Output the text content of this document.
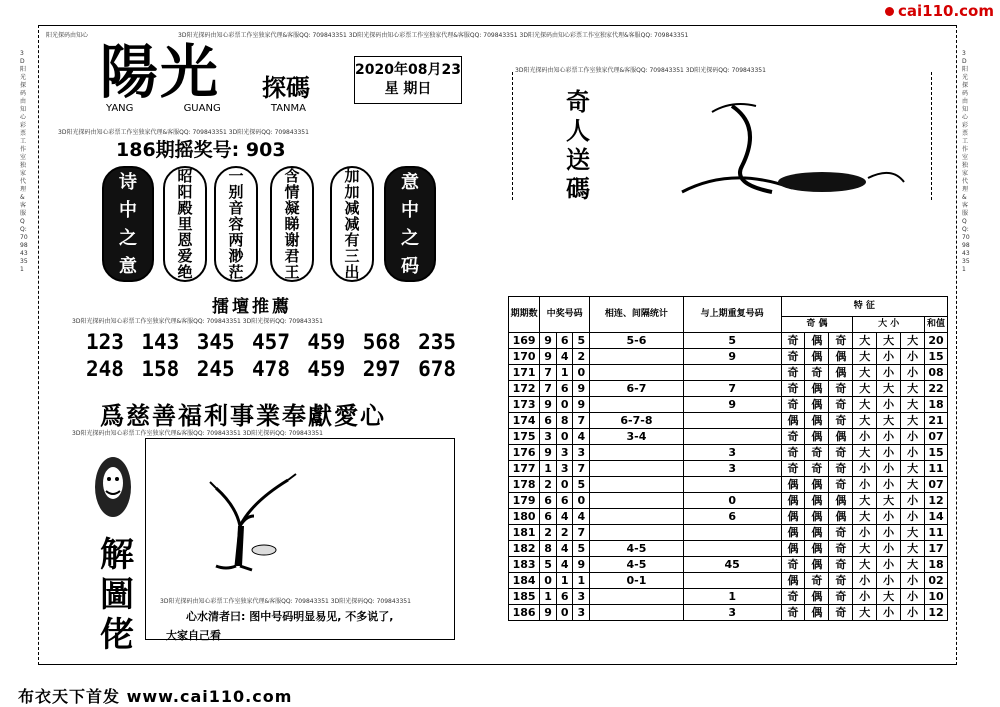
cai110.com
阳光探码由知心	3D阳光探码由知心彩票工作室独家代理&客服QQ: 709843351 3D阳光探码由知心彩票工作室独家代理&客服QQ: 709843351 3D阳光探码由知心彩票工作室独家代理&客服QQ: 709843351
3D阳光探码由知心彩票工作室独家代理&客服QQ: 709843351
3D阳光探码由知心彩票工作室独家代理&客服QQ: 709843351
陽光 探碼
YANG	GUANG	TANMA
2020年08月23
星 期日
3D阳光探码由知心彩票工作室独家代理&客服QQ: 709843351 3D阳光探码QQ: 709843351
186期摇奖号: 903
诗
中
之
意
昭
阳
殿
里
恩
爱
绝
一
别
音
容
两
渺
茫
含
情
凝
睇
谢
君
王
加
加
减
减
有
三
出
意
中
之
码
擂壇推薦
3D阳光探码由知心彩票工作室独家代理&客服QQ: 709843351 3D阳光探码QQ: 709843351
123 143 345 457 459 568 235
248 158 245 478 459 297 678
爲慈善福利事業奉獻愛心
3D阳光探码由知心彩票工作室独家代理&客服QQ: 709843351 3D阳光探码QQ: 709843351
解
圖
佬
3D阳光探码由知心彩票工作室独家代理&客服QQ: 709843351 3D阳光探码QQ: 709843351
心水清者曰: 图中号码明显易见, 不多说了,
大家自己看
3D阳光探码由知心彩票工作室独家代理&客服QQ: 709843351 3D阳光探码QQ: 709843351
奇
人
送
碼
期期数	中奖号码			相连、间隔统计	与上期重复号码	特 征						
						奇 偶			大 小			和值
169	9	6	5	5-6	5	奇	偶	奇	大	大	大	20
170	9	4	2		9	奇	偶	偶	大	小	小	15
171	7	1	0			奇	奇	偶	大	小	小	08
172	7	6	9	6-7	7	奇	偶	奇	大	大	大	22
173	9	0	9		9	奇	偶	奇	大	小	大	18
174	6	8	7	6-7-8		偶	偶	奇	大	大	大	21
175	3	0	4	3-4		奇	偶	偶	小	小	小	07
176	9	3	3		3	奇	奇	奇	大	小	小	15
177	1	3	7		3	奇	奇	奇	小	小	大	11
178	2	0	5			偶	偶	奇	小	小	大	07
179	6	6	0		0	偶	偶	偶	大	大	小	12
180	6	4	4		6	偶	偶	偶	大	小	小	14
181	2	2	7			偶	偶	奇	小	小	大	11
182	8	4	5	4-5		偶	偶	奇	大	小	大	17
183	5	4	9	4-5	45	奇	偶	奇	大	小	大	18
184	0	1	1	0-1		偶	奇	奇	小	小	小	02
185	1	6	3		1	奇	偶	奇	小	大	小	10
186	9	0	3		3	奇	偶	奇	大	小	小	12
布衣天下首发 www.cai110.com
